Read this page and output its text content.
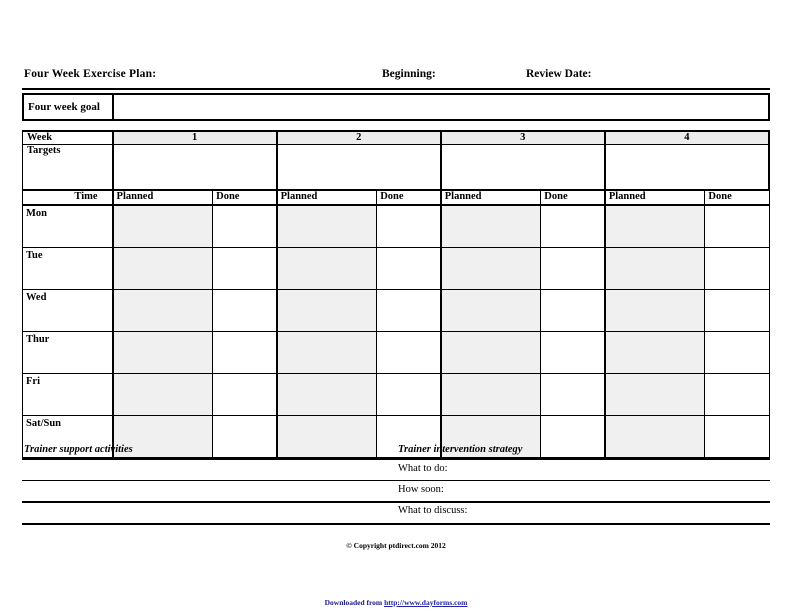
Four Week Exercise Plan:	Beginning:	Review Date:
Four week goal
Week	1		2		3		4	
Targets								
Time	Planned	Done	Planned	Done	Planned	Done	Planned	Done
Mon								
Tue								
Wed								
Thur								
Fri								
Sat/Sun								
Trainer support activities	Trainer intervention strategy
What to do:
How soon:
What to discuss:
© Copyright ptdirect.com 2012
Downloaded from http://www.dayforms.com
